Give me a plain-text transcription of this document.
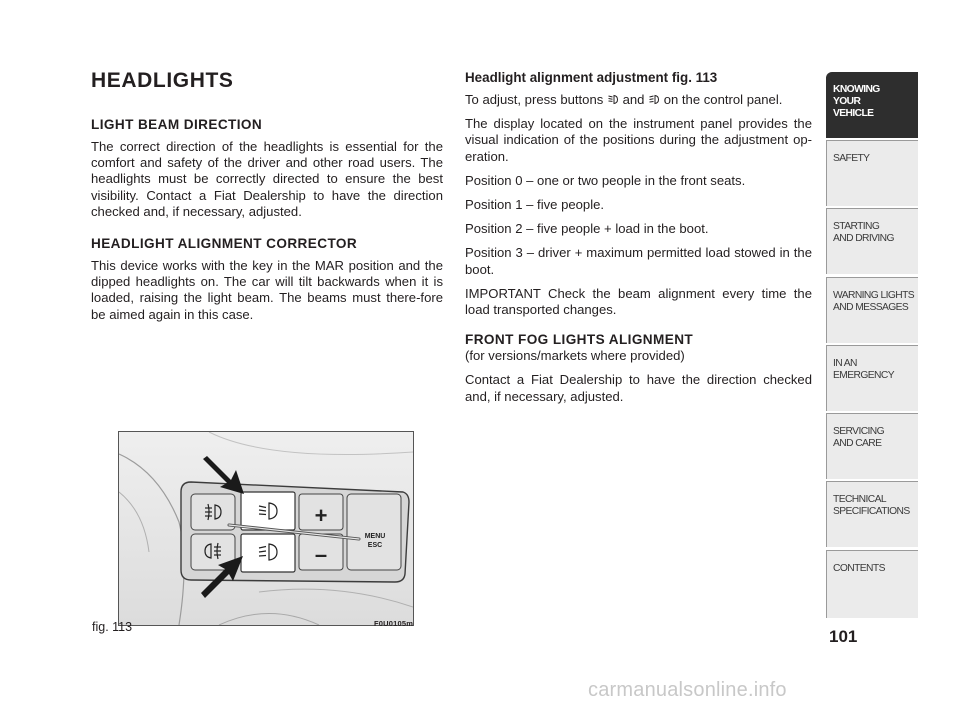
HEADLIGHTS
LIGHT BEAM DIRECTION

The correct direction of the headlights is essential for the comfort and safety of the driver and other road users. The headlights must be correctly directed to ensure the best visibility. Contact a Fiat Dealership to have the direction checked and, if necessary, adjusted.

HEADLIGHT ALIGNMENT CORRECTOR

This device works with the key in the MAR position and the dipped headlights on. The car will tilt backwards when it is loaded, raising the light beam. The beams must there-fore be aimed again in this case.

Headlight alignment adjustment fig. 113

To adjust, press buttons and on the control panel.

The display located on the instrument panel provides the visual indication of the positions during the adjustment op-eration.

Position 0 – one or two people in the front seats.

Position 1 – five people.

Position 2 – five people + load in the boot.

Position 3 – driver + maximum permitted load stowed in the boot.

IMPORTANT Check the beam alignment every time the load transported changes.

FRONT FOG LIGHTS ALIGNMENT
(for versions/markets where provided)

Contact a Fiat Dealership to have the direction checked and, if necessary, adjusted.

+
–
MENU
ESC
fig. 113	F0U0105m
KNOWING
YOUR
VEHICLE
SAFETY
STARTING
AND DRIVING
WARNING LIGHTS
AND MESSAGES
IN AN
EMERGENCY
SERVICING
AND CARE
TECHNICAL
SPECIFICATIONS
CONTENTS
101
carmanualsonline.info
